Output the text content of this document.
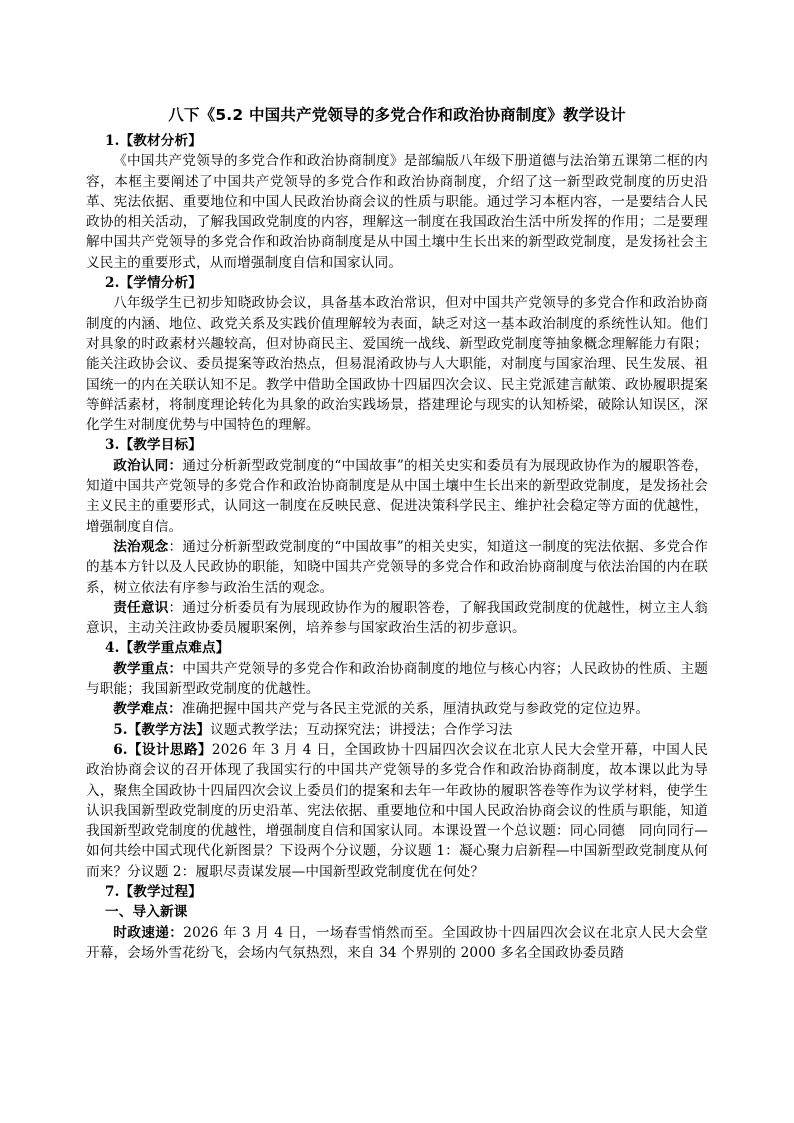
八下《5.2 中国共产党领导的多党合作和政治协商制度》教学设计

1.【教材分析】

《中国共产党领导的多党合作和政治协商制度》是部编版八年级下册道德与法治第五课第二框的内容，本框主要阐述了中国共产党领导的多党合作和政治协商制度，介绍了这一新型政党制度的历史沿革、宪法依据、重要地位和中国人民政治协商会议的性质与职能。通过学习本框内容，一是要结合人民政协的相关活动，了解我国政党制度的内容，理解这一制度在我国政治生活中所发挥的作用；二是要理解中国共产党领导的多党合作和政治协商制度是从中国土壤中生长出来的新型政党制度，是发扬社会主义民主的重要形式，从而增强制度自信和国家认同。

2.【学情分析】

八年级学生已初步知晓政协会议，具备基本政治常识，但对中国共产党领导的多党合作和政治协商制度的内涵、地位、政党关系及实践价值理解较为表面，缺乏对这一基本政治制度的系统性认知。他们对具象的时政素材兴趣较高，但对协商民主、爱国统一战线、新型政党制度等抽象概念理解能力有限；能关注政协会议、委员提案等政治热点，但易混淆政协与人大职能，对制度与国家治理、民生发展、祖国统一的内在关联认知不足。教学中借助全国政协十四届四次会议、民主党派建言献策、政协履职提案等鲜活素材，将制度理论转化为具象的政治实践场景，搭建理论与现实的认知桥梁，破除认知误区，深化学生对制度优势与中国特色的理解。

3.【教学目标】

政治认同：通过分析新型政党制度的“中国故事”的相关史实和委员有为展现政协作为的履职答卷，知道中国共产党领导的多党合作和政治协商制度是从中国土壤中生长出来的新型政党制度，是发扬社会主义民主的重要形式，认同这一制度在反映民意、促进决策科学民主、维护社会稳定等方面的优越性，增强制度自信。

法治观念：通过分析新型政党制度的“中国故事”的相关史实，知道这一制度的宪法依据、多党合作的基本方针以及人民政协的职能，知晓中国共产党领导的多党合作和政治协商制度与依法治国的内在联系，树立依法有序参与政治生活的观念。

责任意识：通过分析委员有为展现政协作为的履职答卷，了解我国政党制度的优越性，树立主人翁意识，主动关注政协委员履职案例，培养参与国家政治生活的初步意识。

4.【教学重点难点】

教学重点：中国共产党领导的多党合作和政治协商制度的地位与核心内容；人民政协的性质、主题与职能；我国新型政党制度的优越性。

教学难点：准确把握中国共产党与各民主党派的关系，厘清执政党与参政党的定位边界。

5.【教学方法】议题式教学法；互动探究法；讲授法；合作学习法

6.【设计思路】2026 年 3 月 4 日，全国政协十四届四次会议在北京人民大会堂开幕，中国人民政治协商会议的召开体现了我国实行的中国共产党领导的多党合作和政治协商制度，故本课以此为导入，聚焦全国政协十四届四次会议上委员们的提案和去年一年政协的履职答卷等作为议学材料，使学生认识我国新型政党制度的历史沿革、宪法依据、重要地位和中国人民政治协商会议的性质与职能，知道我国新型政党制度的优越性，增强制度自信和国家认同。本课设置一个总议题：同心同德　同向同行—如何共绘中国式现代化新图景？下设两个分议题，分议题 1：凝心聚力启新程—中国新型政党制度从何而来？分议题 2：履职尽责谋发展—中国新型政党制度优在何处？

7.【教学过程】

一、导入新课

时政速递：2026 年 3 月 4 日，一场春雪悄然而至。全国政协十四届四次会议在北京人民大会堂开幕，会场外雪花纷飞，会场内气氛热烈，来自 34 个界别的 2000 多名全国政协委员踏
